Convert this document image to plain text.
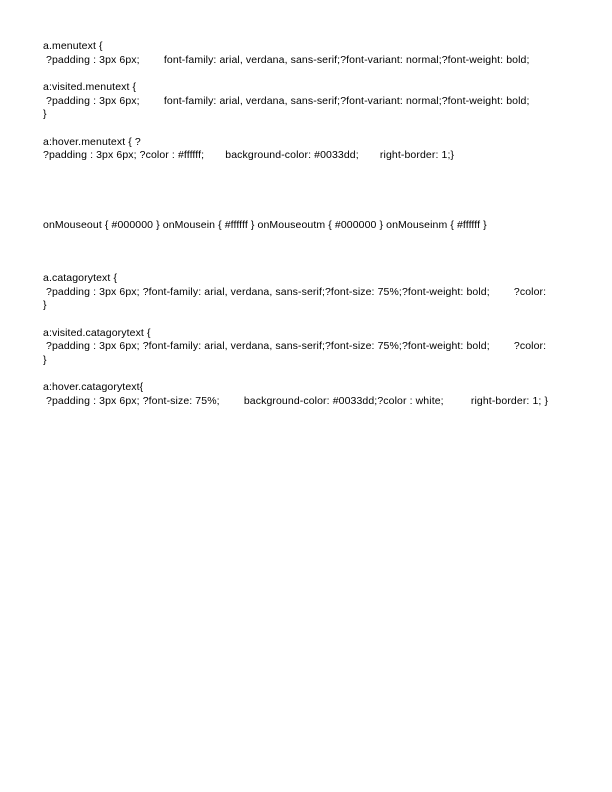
a.menutext {
?padding : 3px 6px;        font-family: arial, verdana, sans-serif;?font-variant: normal;?font-weight: bold;
a:visited.menutext {
?padding : 3px 6px;        font-family: arial, verdana, sans-serif;?font-variant: normal;?font-weight: bold;
}
a:hover.menutext { ?
?padding : 3px 6px; ?color : #ffffff;       background-color: #0033dd;       right-border: 1;}
onMouseout { #000000 } onMousein { #ffffff } onMouseoutm { #000000 } onMouseinm { #ffffff }
a.catagorytext {
?padding : 3px 6px; ?font-family: arial, verdana, sans-serif;?font-size: 75%;?font-weight: bold;        ?color:
}
a:visited.catagorytext {
?padding : 3px 6px; ?font-family: arial, verdana, sans-serif;?font-size: 75%;?font-weight: bold;        ?color:
}
a:hover.catagorytext{
?padding : 3px 6px; ?font-size: 75%;        background-color: #0033dd;?color : white;         right-border: 1; }
